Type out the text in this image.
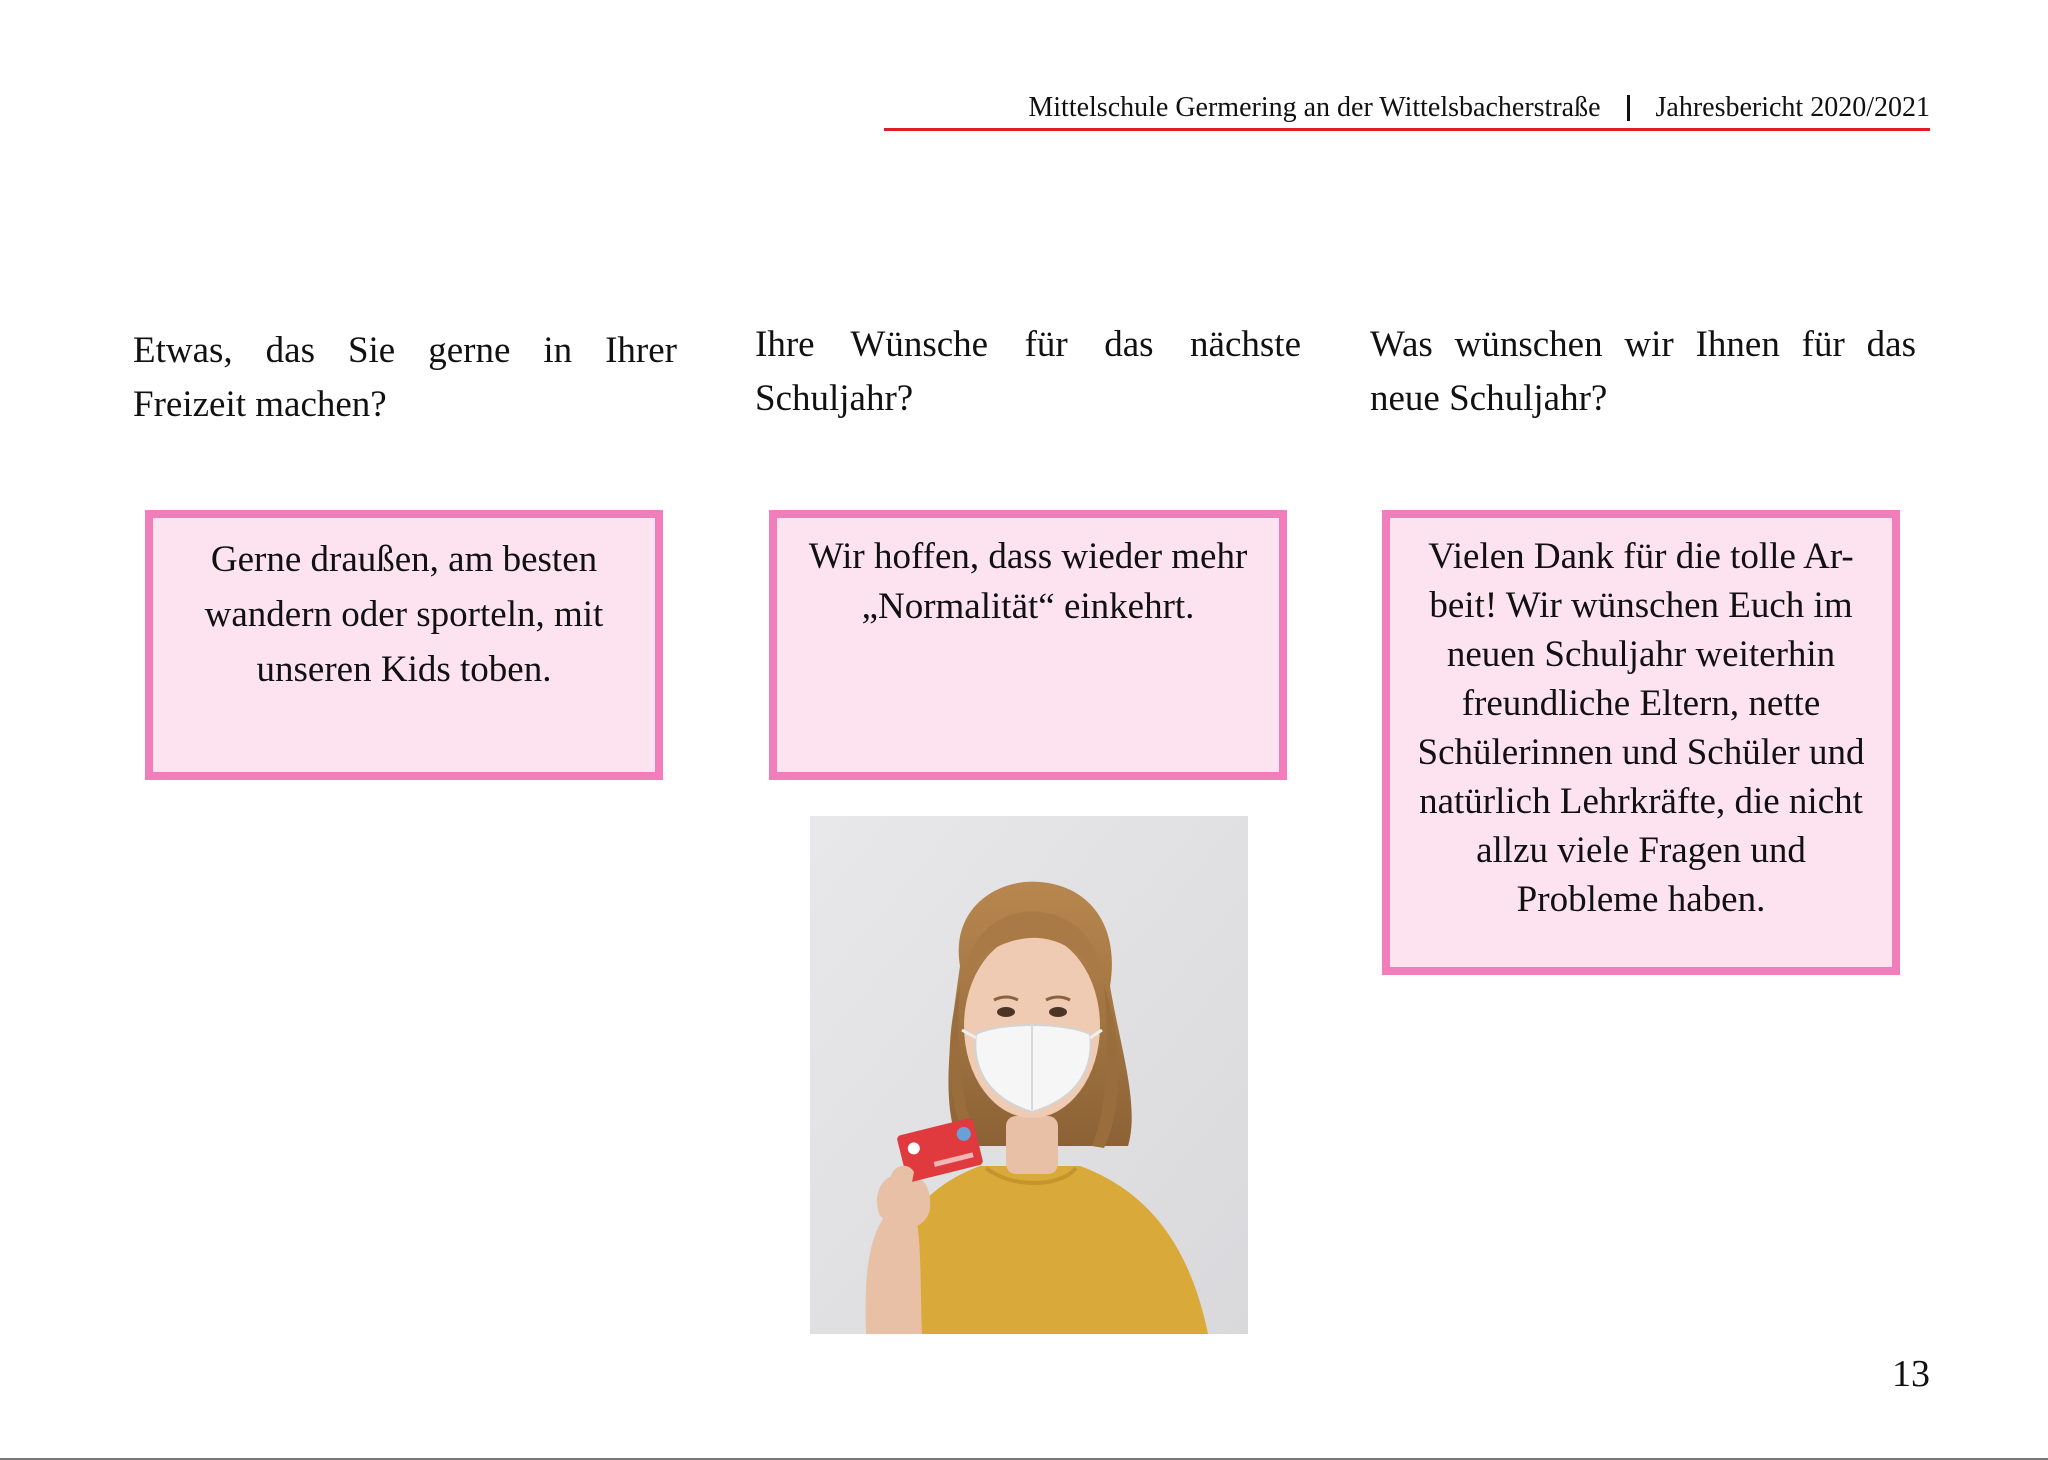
Mittelschule Germering an der Wittelsbacherstraße Jahresbericht 2020/2021
Etwas, das Sie gerne in Ihrer Freizeit machen?
Ihre Wünsche für das nächste Schuljahr?
Was wünschen wir Ihnen für das neue Schuljahr?
Gerne draußen, am besten wandern oder sporteln, mit unseren Kids toben.
Wir hoffen, dass wieder mehr „Normalität“ einkehrt.
Vielen Dank für die tolle Ar-beit! Wir wünschen Euch im neuen Schuljahr weiterhin freundliche Eltern, nette Schülerinnen und Schüler und natürlich Lehrkräfte, die nicht allzu viele Fragen und Probleme haben.
13
